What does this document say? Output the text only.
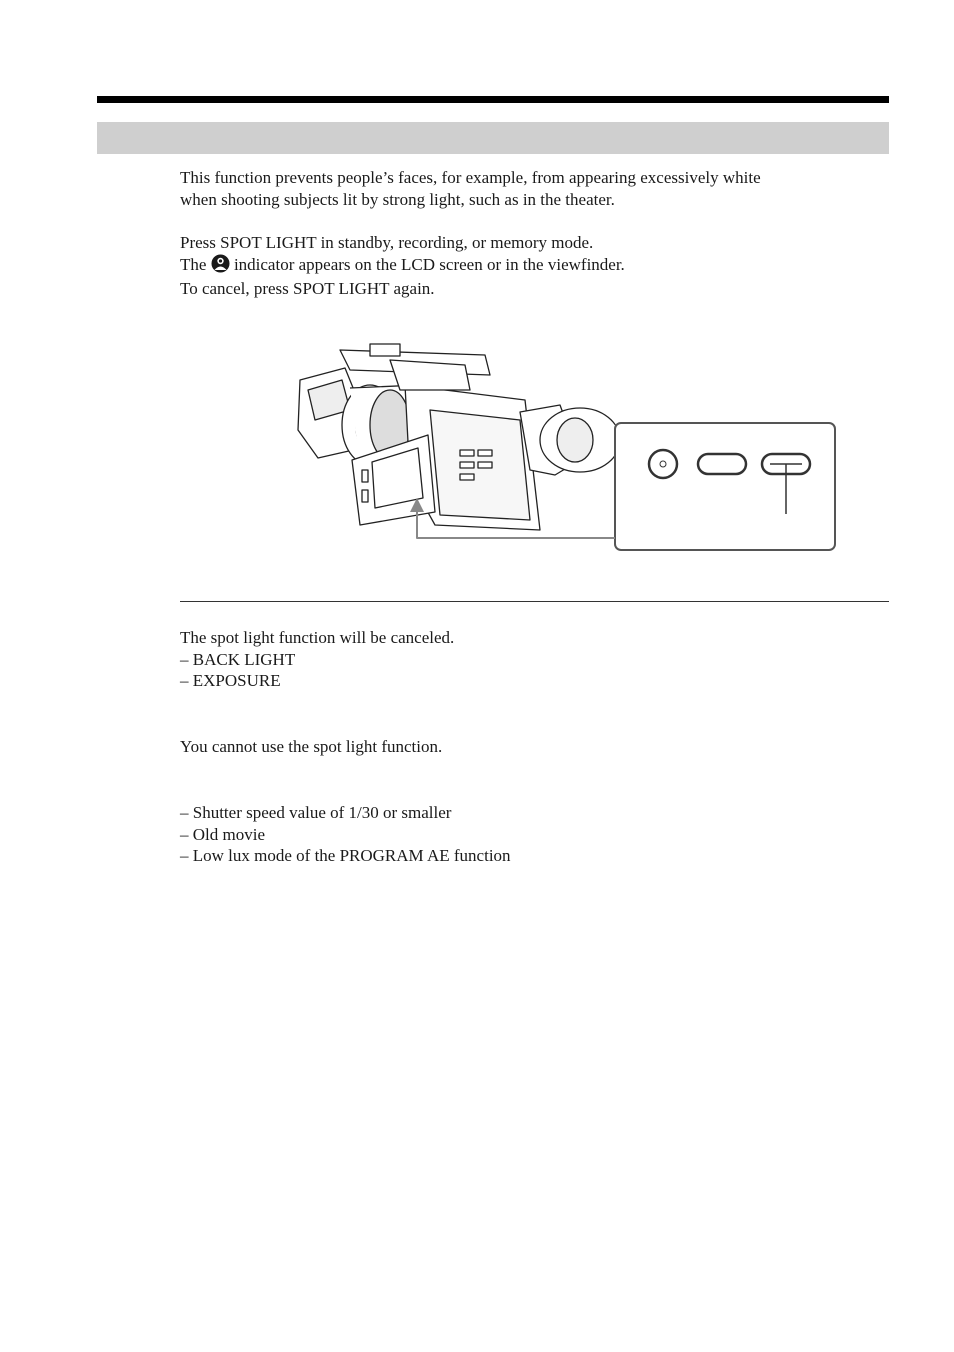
This function prevents people’s faces, for example, from appearing excessively white

when shooting subjects lit by strong light, such as in the theater.

Press SPOT LIGHT in standby, recording, or memory mode.

The indicator appears on the LCD screen or in the viewfinder.

To cancel, press SPOT LIGHT again.

The spot light function will be canceled.

– BACK LIGHT

– EXPOSURE

You cannot use the spot light function.

– Shutter speed value of 1/30 or smaller

– Old movie

– Low lux mode of the PROGRAM AE function
